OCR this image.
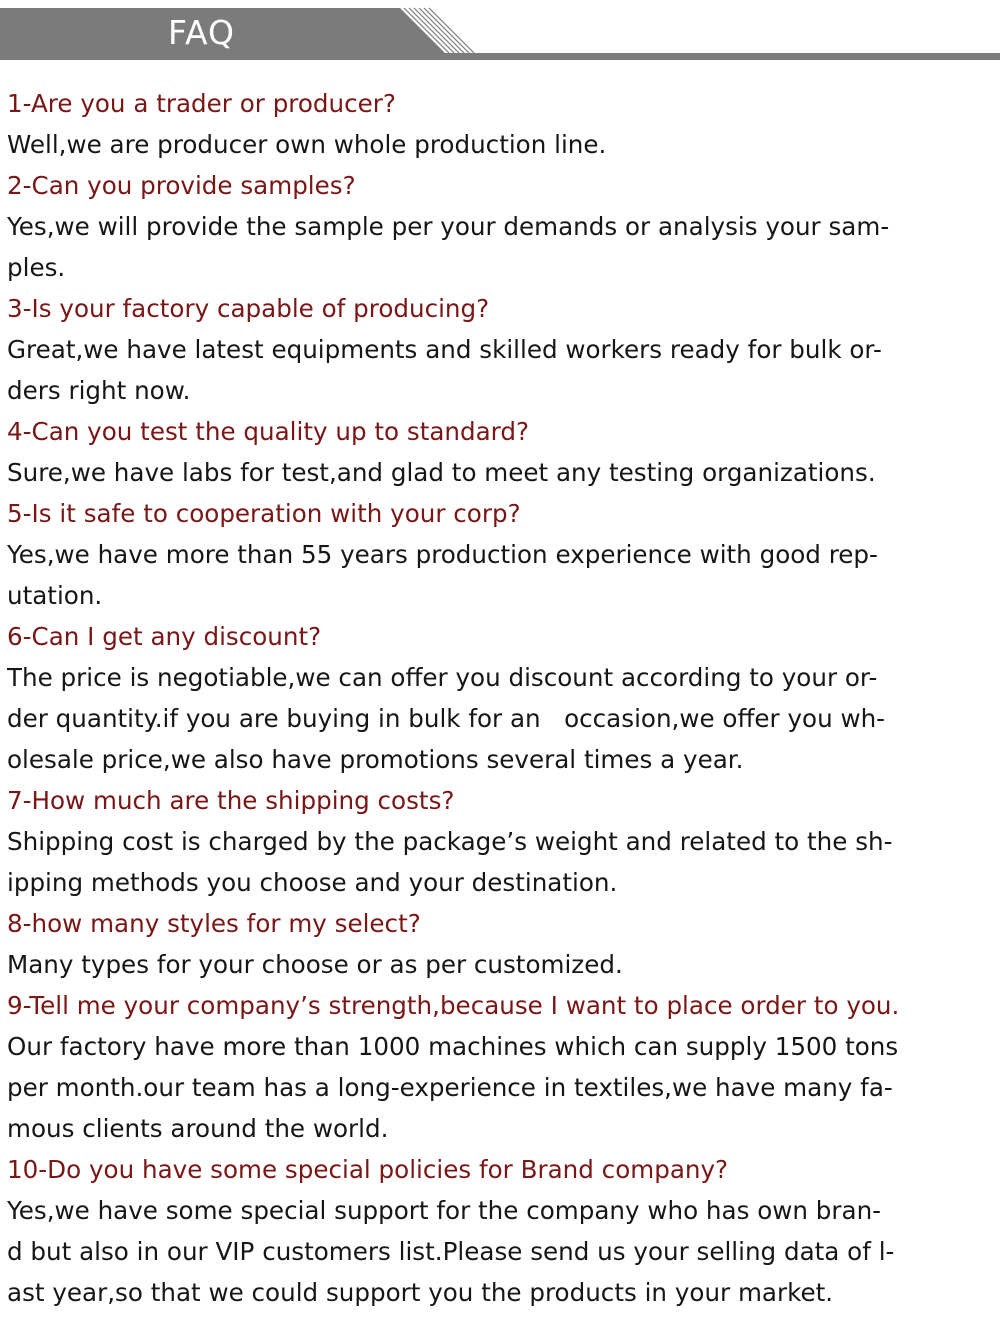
FAQ
1-Are you a trader or producer?
Well,we are producer own whole production line.
2-Can you provide samples?
Yes,we will provide the sample per your demands or analysis your sam-
ples.
3-Is your factory capable of producing?
Great,we have latest equipments and skilled workers ready for bulk or-
ders right now.
4-Can you test the quality up to standard?
Sure,we have labs for test,and glad to meet any testing organizations.
5-Is it safe to cooperation with your corp?
Yes,we have more than 55 years production experience with good rep-
utation.
6-Can I get any discount?
The price is negotiable,we can offer you discount according to your or-
der quantity.if you are buying in bulk for an   occasion,we offer you wh-
olesale price,we also have promotions several times a year.
7-How much are the shipping costs?
Shipping cost is charged by the package’s weight and related to the sh-
ipping methods you choose and your destination.
8-how many styles for my select?
Many types for your choose or as per customized.
9-Tell me your company’s strength,because I want to place order to you.
Our factory have more than 1000 machines which can supply 1500 tons
per month.our team has a long-experience in textiles,we have many fa-
mous clients around the world.
10-Do you have some special policies for Brand company?
Yes,we have some special support for the company who has own bran-
d but also in our VIP customers list.Please send us your selling data of l-
ast year,so that we could support you the products in your market.
